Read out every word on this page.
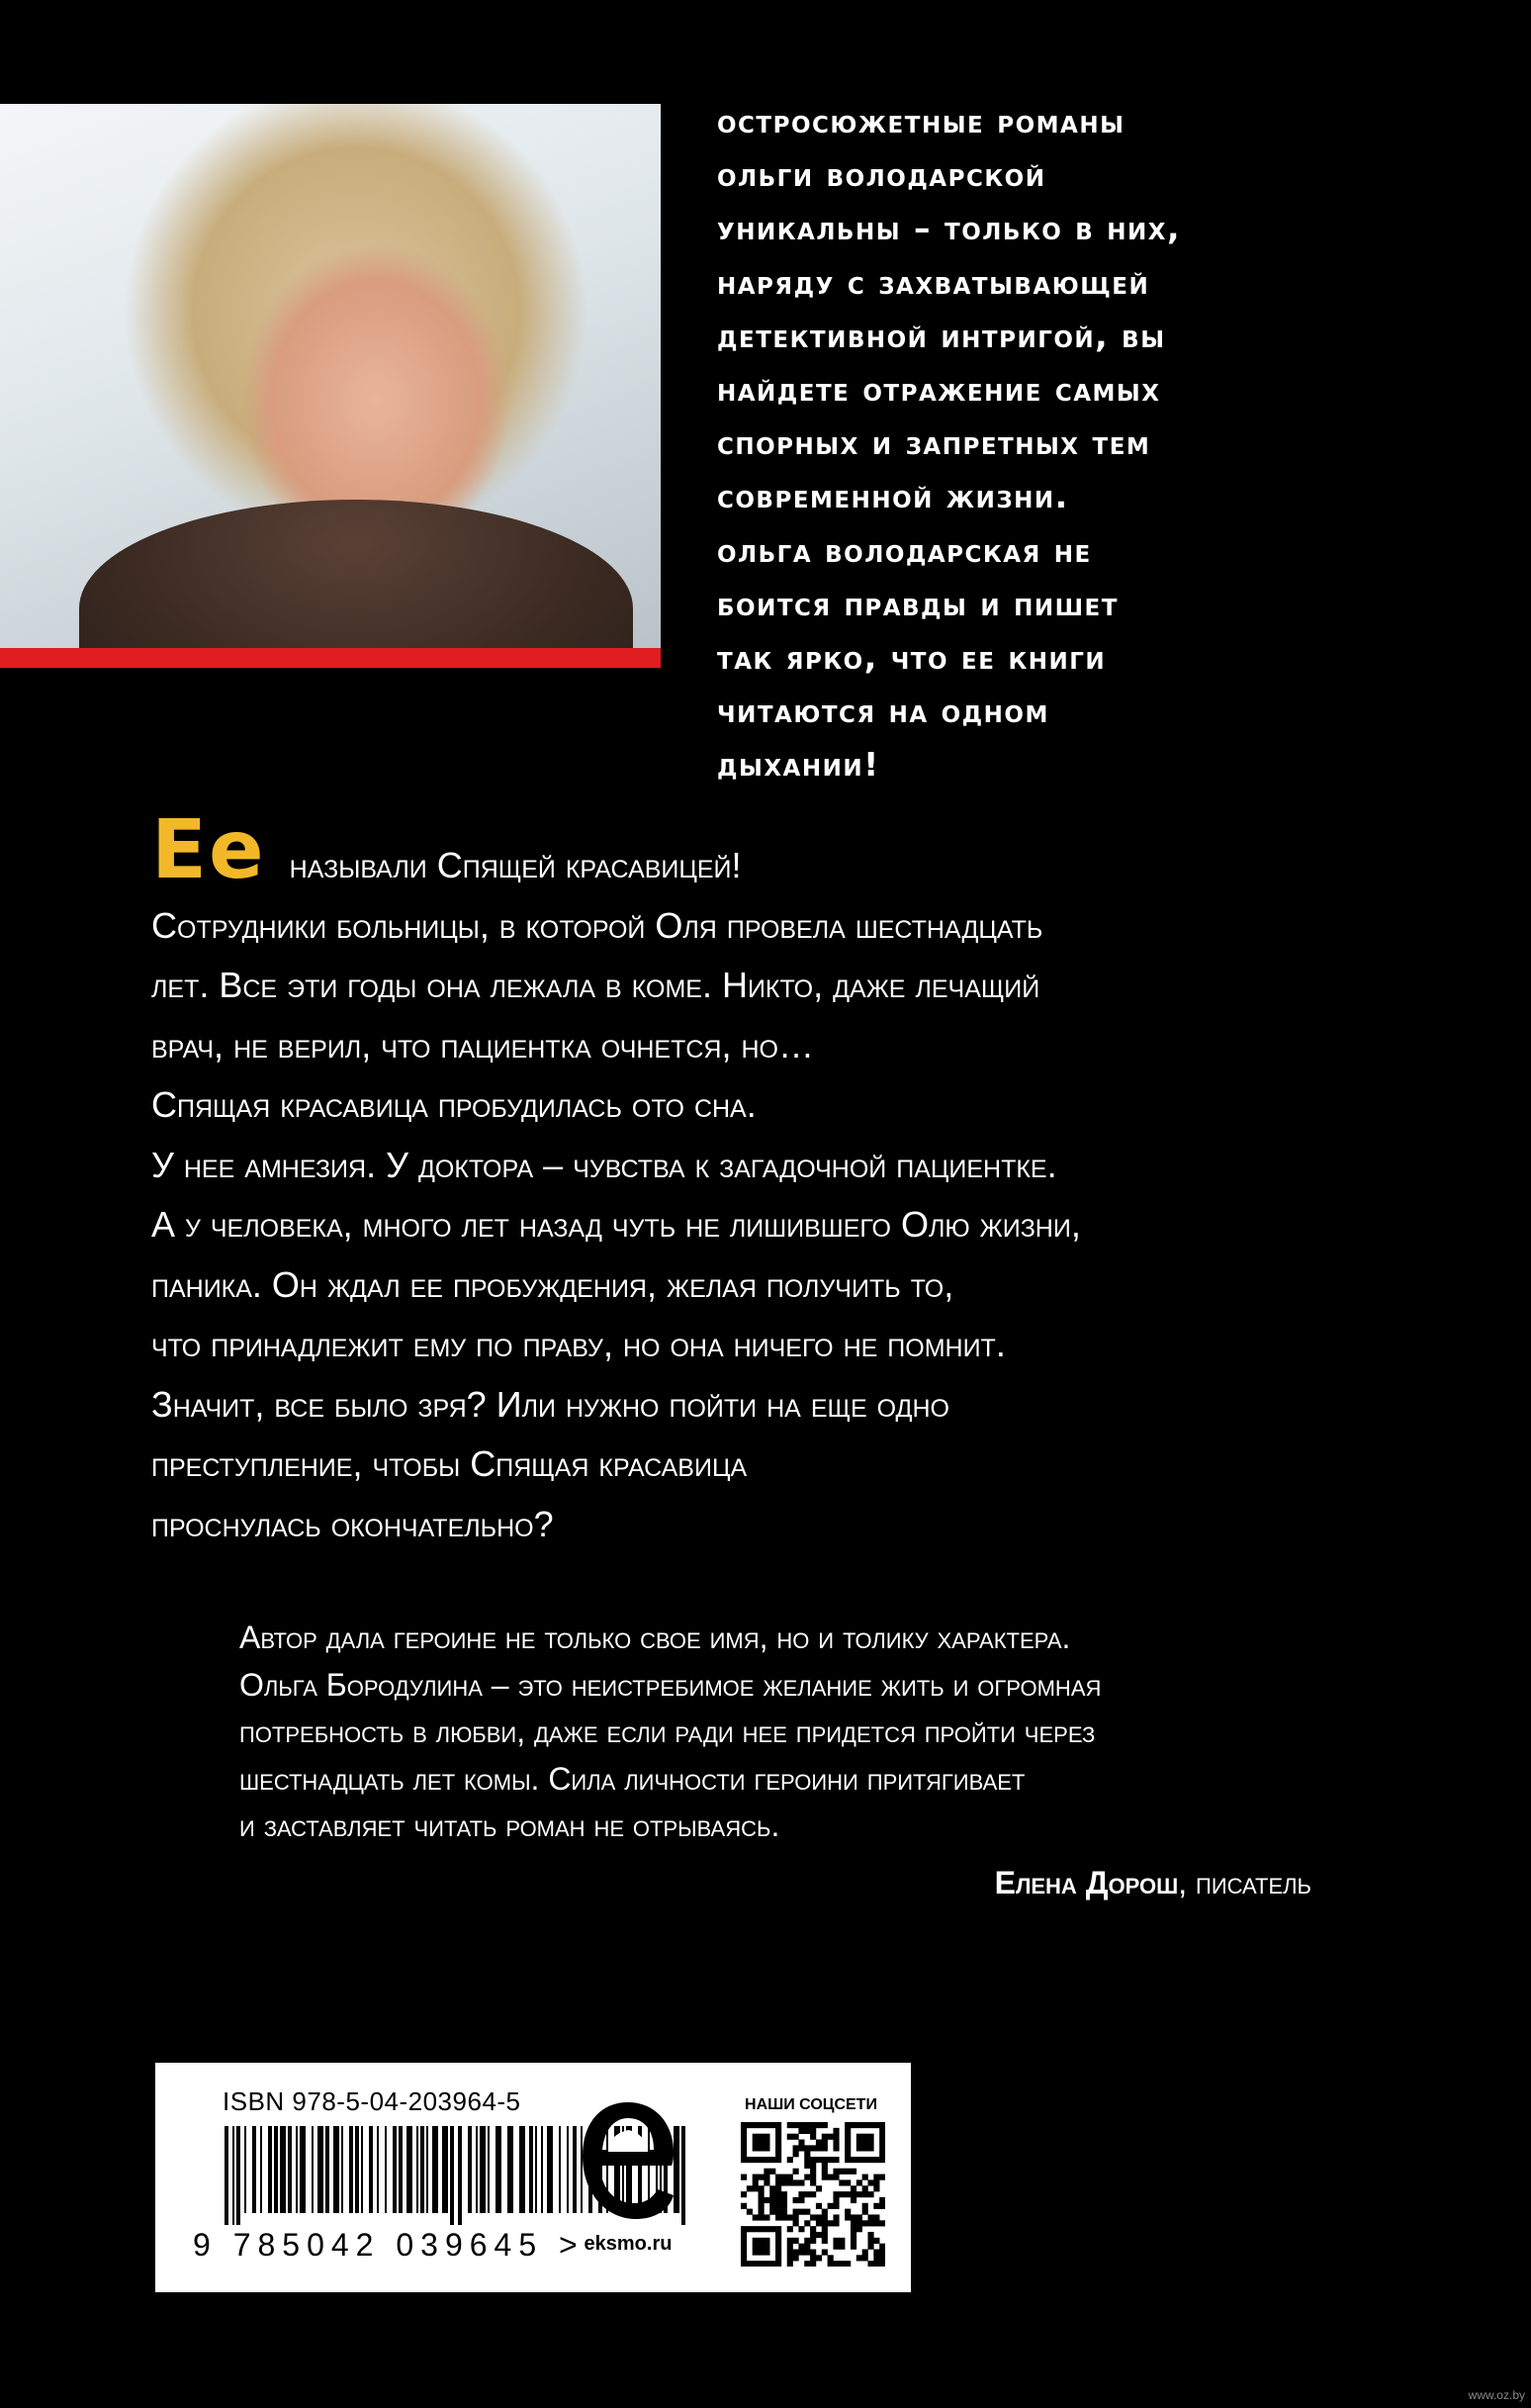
остросюжетные романы
ольги володарской
уникальны – только в них,
наряду с захватывающей
детективной интригой, вы
найдете отражение самых
спорных и запретных тем
современной жизни.
ольга володарская не
боится правды и пишет
так ярко, что ее книги
читаются на одном
дыхании!

Ее называли Спящей красавицей!
Сотрудники больницы, в которой Оля провела шестнадцать
лет. Все эти годы она лежала в коме. Никто, даже лечащий
врач, не верил, что пациентка очнется, но…
Спящая красавица пробудилась ото сна.
У нее амнезия. У доктора – чувства к загадочной пациентке.
А у человека, много лет назад чуть не лишившего Олю жизни,
паника. Он ждал ее пробуждения, желая получить то,
что принадлежит ему по праву, но она ничего не помнит.
Значит, все было зря? Или нужно пойти на еще одно
преступление, чтобы Спящая красавица
проснулась окончательно?

Автор дала героине не только свое имя, но и толику характера.
Ольга Бородулина – это неистребимое желание жить и огромная
потребность в любви, даже если ради нее придется пройти через
шестнадцать лет комы. Сила личности героини притягивает
и заставляет читать роман не отрываясь.

Елена Дорош, писатель

ISBN 978-5-04-203964-5
9 785042 039645 > eksmo.ru
НАШИ СОЦСЕТИ
www.oz.by
